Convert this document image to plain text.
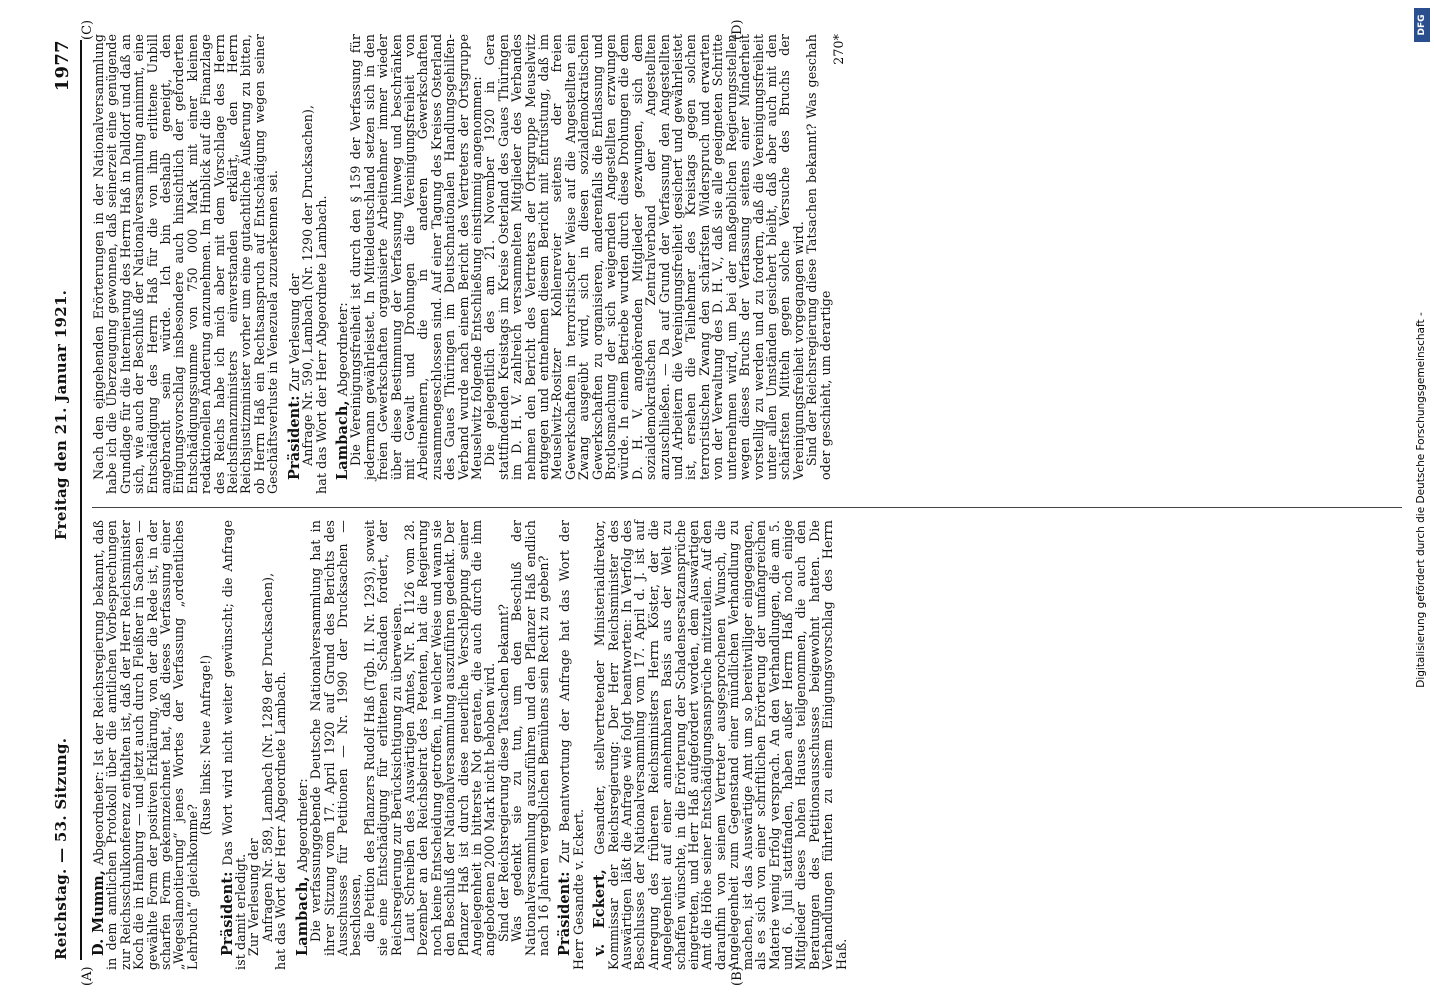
Reichstag. — 53. Sitzung.
Freitag den 21. Januar 1921.
1977
(A)	(B)
(C)	(D)

D. Mumm, Abgeordneter: Ist der Reichsregierung bekannt, daß in dem amtlichen Protokoll über die amtlichen Vorbesprechungen zur Reichsschulkonferenz enthalten ist, daß der Herr Reichsminister Koch die in Hamburg — und jetzt auch durch Fleißner in Sachsen — gewählte Form der positiven Erklärung, von der die Rede ist, in der scharfen Form gekennzeichnet hat, daß dieses Verfassung einer „Wegeslamoitierung“ jenes Wortes der Verfassung „ordentliches Lehrbuch“ gleichkomme?

(Ruse links: Neue Anfrage!)

Präsident: Das Wort wird nicht weiter gewünscht; die Anfrage ist damit erledigt.

Zur Verlesung der

Anfragen Nr. 589, Lambach (Nr. 1289 der Drucksachen),

hat das Wort der Herr Abgeordnete Lambach. Lambach, Abgeordneter:

Die verfassunggebende Deutsche Nationalversammlung hat in ihrer Sitzung vom 17. April 1920 auf Grund des Berichts des Ausschusses für Petitionen — Nr. 1990 der Drucksachen — beschlossen,

die Petition des Pflanzers Rudolf Haß (Tgb. II. Nr. 1293), soweit sie eine Entschädigung für erlittenen Schaden fordert, der Reichsregierung zur Berücksichtigung zu überweisen.

Laut Schreiben des Auswärtigen Amtes, Nr. R. 1126 vom 28. Dezember an den Reichsbeirat des Petenten, hat die Regierung noch keine Entscheidung getroffen, in welcher Weise und wann sie den Beschluß der Nationalversammlung auszuführen gedenkt. Der Pflanzer Haß ist durch diese neuerliche Verschleppung seiner Angelegenheit in bitterste Not geraten, die auch durch die ihm angebotenen 2000 Mark nicht behoben wird.

Sind der Reichsregierung diese Tatsachen bekannt?

Was gedenkt sie zu tun, um den Beschluß der Nationalversammlung auszuführen und den Pflanzer Haß endlich nach 16 Jahren vergeblichen Bemühens sein Recht zu geben? Präsident: Zur Beantwortung der Anfrage hat das Wort der Herr Gesandte v. Eckert. v. Eckert, Gesandter, stellvertretender Ministerialdirektor, Kommissar der Reichsregierung: Der Herr Reichsminister des Auswärtigen läßt die Anfrage wie folgt beantworten: In Verfolg des Beschlusses der Nationalversammlung vom 17. April d. J. ist auf Anregung des früheren Reichsministers Herrn Köster, der die Angelegenheit auf einer annehmbaren Basis aus der Welt zu schaffen wünschte, in die Erörterung der Schadensersatzansprüche eingetreten, und Herr Haß aufgefordert worden, dem Auswärtigen Amt die Höhe seiner Entschädigungsansprüche mitzuteilen. Auf den daraufhin von seinem Vertreter ausgesprochenen Wunsch, die Angelegenheit zum Gegenstand einer mündlichen Verhandlung zu machen, ist das Auswärtige Amt um so bereitwilliger eingegangen, als es sich von einer schriftlichen Erörterung der umfangreichen Materie wenig Erfolg versprach. An den Verhandlungen, die am 5. und 6. Juli stattfanden, haben außer Herrn Haß noch einige Mitglieder dieses hohen Hauses teilgenommen, die auch den Beratungen des Petitionsausschusses beigewohnt hatten. Die Verhandlungen führten zu einem Einigungsvorschlag des Herrn Haß.

Nach den eingehenden Erörterungen in der Nationalversammlung habe ich die Überzeugung gewonnen, daß seinerzeit eine genügende Grundlage für die Internierung des Herrn Haß in Dalldorf und daß an sich, wie auch der Beschluß der Nationalversammlung annimmt, eine Entschädigung des Herrn Haß für die von ihm erlittene Unbill angebracht sein würde. Ich bin deshalb geneigt, den Einigungsvorschlag insbesondere auch hinsichtlich der geforderten Entschädigungssumme von 750 000 Mark mit einer kleinen redaktionellen Änderung anzunehmen. Im Hinblick auf die Finanzlage des Reichs habe ich mich aber mit dem Vorschlage des Herrn Reichsfinanzministers einverstanden erklärt, den Herrn Reichsjustizminister vorher um eine gutachtliche Äußerung zu bitten, ob Herrn Haß ein Rechtsanspruch auf Entschädigung wegen seiner Geschäftsverluste in Venezuela zuzuerkennen sei. Präsident: Zur Verlesung der

Anfrage Nr. 590, Lambach (Nr. 1290 der Drucksachen),

hat das Wort der Herr Abgeordnete Lambach. Lambach, Abgeordneter:

Die Vereinigungsfreiheit ist durch den § 159 der Verfassung für jedermann gewährleistet. In Mitteldeutschland setzen sich in den freien Gewerkschaften organisierte Arbeitnehmer immer wieder über diese Bestimmung der Verfassung hinweg und beschränken mit Gewalt und Drohungen die Vereinigungsfreiheit von Arbeitnehmern, die in anderen Gewerkschaften zusammengeschlossen sind. Auf einer Tagung des Kreises Osterland des Gaues Thüringen im Deutschnationalen Handlungsgehilfen-Verband wurde nach einem Bericht des Vertreters der Ortsgruppe Meuselwitz folgende Entschließung einstimmig angenommen:

Die gelegentlich des am 21. November 1920 in Gera stattfindenden Kreistags im Kreise Osterland des Gaues Thüringen im D. H. V. zahlreich versammelten Mitglieder des Verbandes nehmen den Bericht des Vertreters der Ortsgruppe Meuselwitz entgegen und entnehmen diesem Bericht mit Entrüstung, daß im Meuselwitz-Rositzer Kohlenrevier seitens der freien Gewerkschaften in terroristischer Weise auf die Angestellten ein Zwang ausgeübt wird, sich in diesen sozialdemokratischen Gewerkschaften zu organisieren, anderenfalls die Entlassung und Brotlosmachung der sich weigernden Angestellten erzwungen würde. In einem Betriebe wurden durch diese Drohungen die dem D. H. V. angehörenden Mitglieder gezwungen, sich dem sozialdemokratischen Zentralverband der Angestellten anzuschließen. — Da auf Grund der Verfassung den Angestellten und Arbeitern die Vereinigungsfreiheit gesichert und gewährleistet ist, ersehen die Teilnehmer des Kreistags gegen solchen terroristischen Zwang den schärfsten Widerspruch und erwarten von der Verwaltung des D. H. V., daß sie alle geeigneten Schritte unternehmen wird, um bei der maßgeblichen Regierungsstellen wegen dieses Bruchs der Verfassung seitens einer Minderheit vorstellig zu werden und zu fordern, daß die Vereinigungsfreiheit unter allen Umständen gesichert bleibt, daß aber auch mit den schärfsten Mitteln gegen solche Versuche des Bruchs der Vereinigungsfreiheit vorgegangen wird.

Sind der Reichsregierung diese Tatsachen bekannt? Was geschah oder geschieht, um derartige

270*

DFG
Digitalisierung gefördert durch die Deutsche Forschungsgemeinschaft -
